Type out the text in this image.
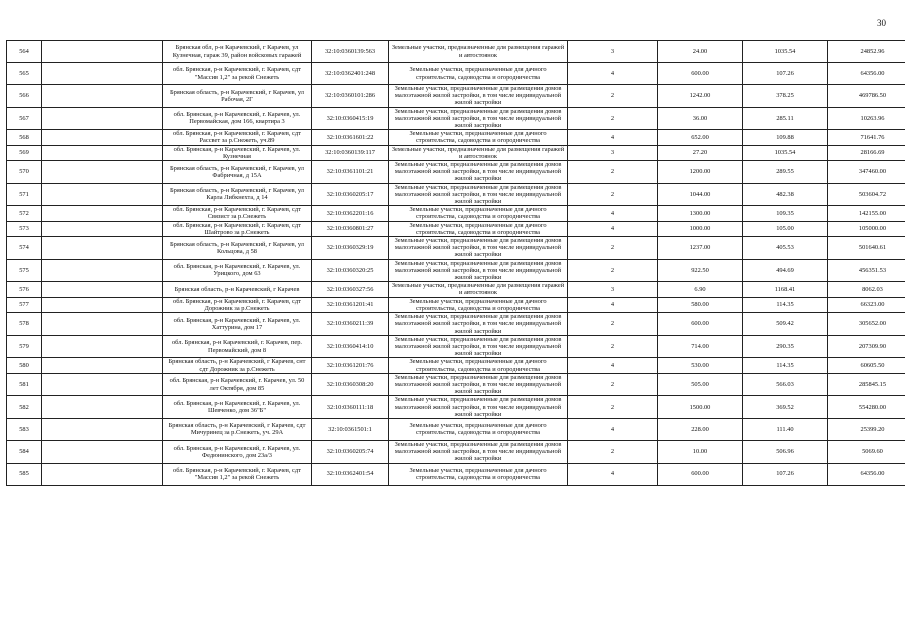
30
564		Брянская обл, р-н Карачевский, г Карачев, ул Кузнечная, гараж 39, район войсковых гаражей	32:10:0360139:563	Земельные участки, предназначенные для размещения гаражей и автостоянок	3	24.00	1035.54	24852.96
565		обл. Брянская, р-н Карачевский, г. Карачев, сдт "Массив 1,2" за рекой Снежеть	32:10:0362401:248	Земельные участки, предназначенные для дачного строительства, садоводства и огородничества	4	600.00	107.26	64356.00
566		Брянская область, р-н Карачевский, г Карачев, ул Рабочая, 2Г	32:10:0360101:286	Земельные участки, предназначенные для размещения домов малоэтажной жилой застройки, в том числе индивидуальной жилой застройки	2	1242.00	378.25	469786.50
567		обл. Брянская, р-н Карачевский, г. Карачев, ул. Первомайская, дом 166, квартира 3	32:10:0360415:19	Земельные участки, предназначенные для размещения домов малоэтажной жилой застройки, в том числе индивидуальной жилой застройки	2	36.00	285.11	10263.96
568		обл. Брянская, р-н Карачевский, г. Карачев, сдт Рассвет за р.Снежеть, уч.89	32:10:0361601:22	Земельные участки, предназначенные для дачного строительства, садоводства и огородничества	4	652.00	109.88	71641.76
569		обл. Брянская, р-н Карачевский, г. Карачев, ул. Кузнечная	32:10:0360139:117	Земельные участки, предназначенные для размещения гаражей и автостоянок	3	27.20	1035.54	28166.69
570		Брянская область, р-н Карачевский, г Карачев, ул Фабричная, д 15А	32:10:0361101:21	Земельные участки, предназначенные для размещения домов малоэтажной жилой застройки, в том числе индивидуальной жилой застройки	2	1200.00	289.55	347460.00
571		Брянская область, р-н Карачевский, г Карачев, ул Карла Либкнехта, д 14	32:10:0360205:17	Земельные участки, предназначенные для размещения домов малоэтажной жилой застройки, в том числе индивидуальной жилой застройки	2	1044.00	482.38	503604.72
572		обл. Брянская, р-н Карачевский, г. Карачев, сдт Связист за р.Снежеть	32:10:0362201:16	Земельные участки, предназначенные для дачного строительства, садоводства и огородничества	4	1300.00	109.35	142155.00
573		обл. Брянская, р-н Карачевский, г. Карачев, сдт Шайтрово за р.Снежеть	32:10:0360801:27	Земельные участки, предназначенные для дачного строительства, садоводства и огородничества	4	1000.00	105.00	105000.00
574		Брянская область, р-н Карачевский, г Карачев, ул Кольцова, д 58	32:10:0360329:19	Земельные участки, предназначенные для размещения домов малоэтажной жилой застройки, в том числе индивидуальной жилой застройки	2	1237.00	405.53	501640.61
575		обл. Брянская, р-н Карачевский, г. Карачев, ул. Урицкого, дом 63	32:10:0360320:25	Земельные участки, предназначенные для размещения домов малоэтажной жилой застройки, в том числе индивидуальной жилой застройки	2	922.50	494.69	456351.53
576		Брянская область, р-н Карачевский, г Карачев	32:10:0360327:56	Земельные участки, предназначенные для размещения гаражей и автостоянок	3	6.90	1168.41	8062.03
577		обл. Брянская, р-н Карачевский, г. Карачев, сдт Дорожник за р.Снежеть	32:10:0361201:41	Земельные участки, предназначенные для дачного строительства, садоводства и огородничества	4	580.00	114.35	66323.00
578		обл. Брянская, р-н Карачевский, г. Карачев, ул. Хаттурина, дом 17	32:10:0360211:39	Земельные участки, предназначенные для размещения домов малоэтажной жилой застройки, в том числе индивидуальной жилой застройки	2	600.00	509.42	305652.00
579		обл. Брянская, р-н Карачевский, г. Карачев, пер. Первомайский, дом 8	32:10:0360414:10	Земельные участки, предназначенные для размещения домов малоэтажной жилой застройки, в том числе индивидуальной жилой застройки	2	714.00	290.35	207309.90
580		Брянская область, р-н Карачевский, г Карачев, снт сдт Дорожник за р.Снежеть	32:10:0361201:76	Земельные участки, предназначенные для дачного строительства, садоводства и огородничества	4	530.00	114.35	60605.50
581		обл. Брянская, р-н Карачевский, г. Карачев, ул. 50 лет Октября, дом 85	32:10:0360308:20	Земельные участки, предназначенные для размещения домов малоэтажной жилой застройки, в том числе индивидуальной жилой застройки	2	505.00	566.03	285845.15
582		обл. Брянская, р-н Карачевский, г. Карачев, ул. Шевченко, дом 36"Б"	32:10:0360111:18	Земельные участки, предназначенные для размещения домов малоэтажной жилой застройки, в том числе индивидуальной жилой застройки	2	1500.00	369.52	554280.00
583		Брянская область, р-н Карачевский, г Карачев, сдт Мичуринец за р.Снежеть, уч. 29А	32:10:0361501:1	Земельные участки, предназначенные для дачного строительства, садоводства и огородничества	4	228.00	111.40	25399.20
584		обл. Брянская, р-н Карачевский, г. Карачев, ул. Федюнинского, дом 23а/3	32:10:0360205:74	Земельные участки, предназначенные для размещения домов малоэтажной жилой застройки, в том числе индивидуальной жилой застройки	2	10.00	506.96	5069.60
585		обл. Брянская, р-н Карачевский, г. Карачев, сдт "Массив 1,2" за рекой Снежеть	32:10:0362401:54	Земельные участки, предназначенные для дачного строительства, садоводства и огородничества	4	600.00	107.26	64356.00
